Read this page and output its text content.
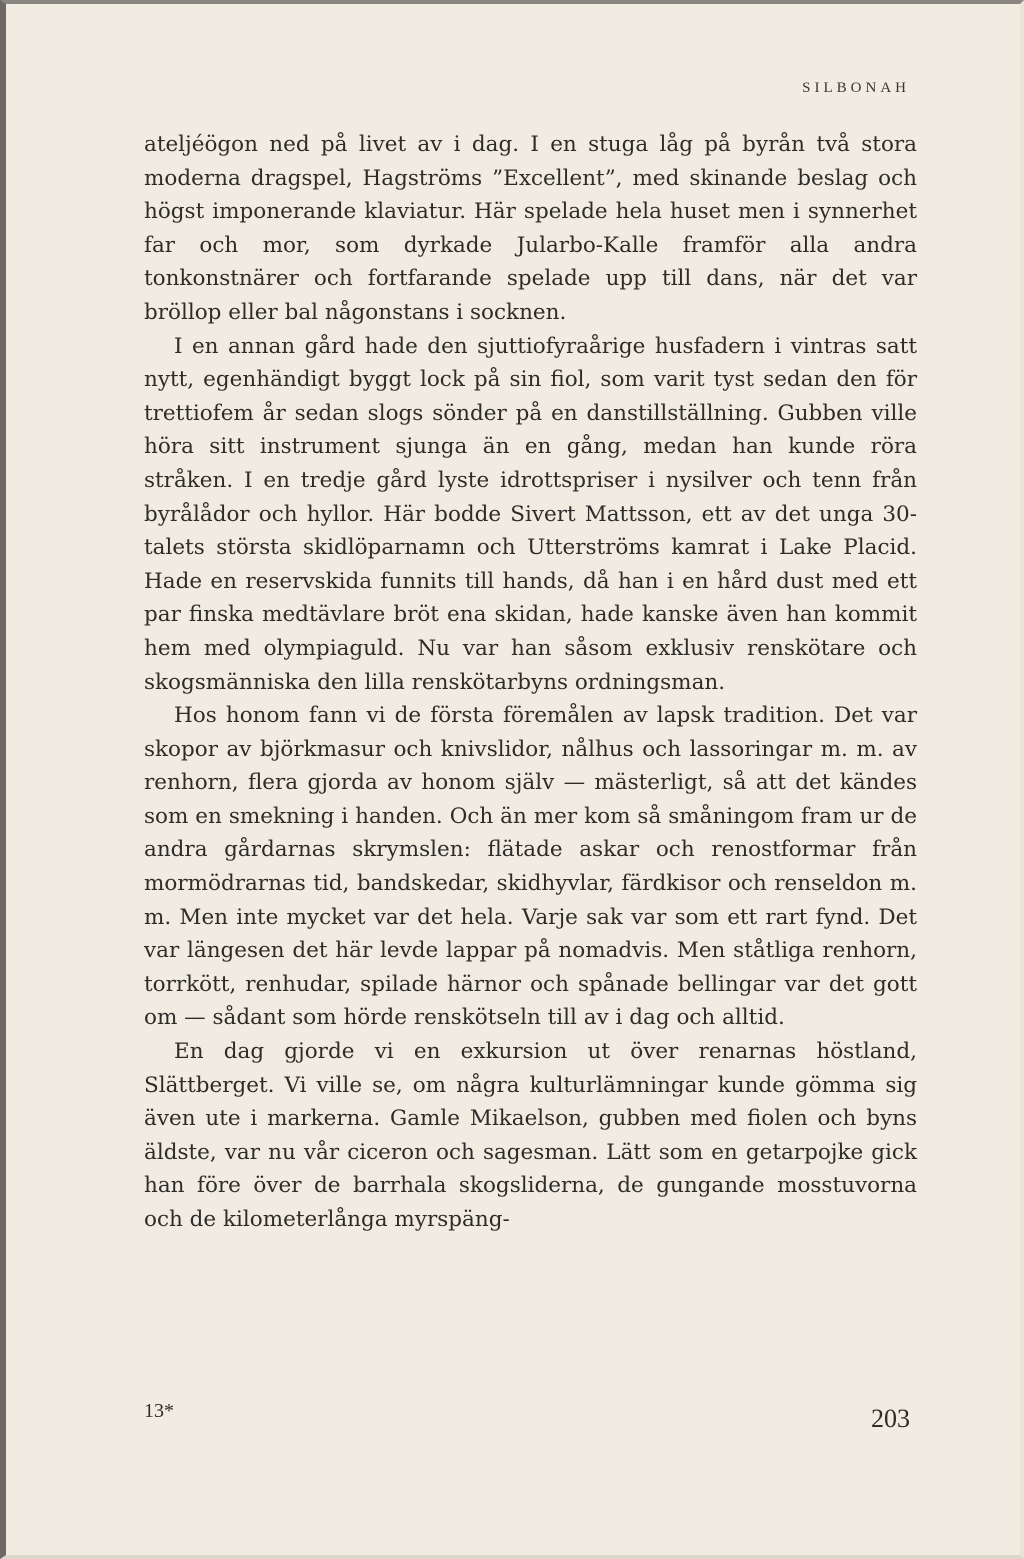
SILBONAH

ateljéögon ned på livet av i dag. I en stuga låg på byrån två stora moderna dragspel, Hagströms ”Excellent”, med skinande beslag och högst imponerande klaviatur. Här spelade hela huset men i synnerhet far och mor, som dyrkade Jularbo-Kalle framför alla andra tonkonstnärer och fortfarande spelade upp till dans, när det var bröllop eller bal någonstans i socknen.

I en annan gård hade den sjuttiofyraårige husfadern i vintras satt nytt, egenhändigt byggt lock på sin fiol, som varit tyst sedan den för trettiofem år sedan slogs sönder på en danstillställning. Gubben ville höra sitt instrument sjunga än en gång, medan han kunde röra stråken. I en tredje gård lyste idrottspriser i nysilver och tenn från byrålådor och hyllor. Här bodde Sivert Mattsson, ett av det unga 30-talets största skidlöparnamn och Utterströms kamrat i Lake Placid. Hade en reservskida funnits till hands, då han i en hård dust med ett par finska medtävlare bröt ena skidan, hade kanske även han kommit hem med olympiaguld. Nu var han såsom exklusiv renskötare och skogsmänniska den lilla renskötarbyns ordningsman.

Hos honom fann vi de första föremålen av lapsk tradition. Det var skopor av björkmasur och knivslidor, nålhus och lassoringar m. m. av renhorn, flera gjorda av honom själv — mästerligt, så att det kändes som en smekning i handen. Och än mer kom så småningom fram ur de andra gårdarnas skrymslen: flätade askar och renostformar från mormödrarnas tid, bandskedar, skidhyvlar, färdkisor och renseldon m. m. Men inte mycket var det hela. Varje sak var som ett rart fynd. Det var längesen det här levde lappar på nomadvis. Men ståtliga renhorn, torrkött, renhudar, spilade härnor och spånade bellingar var det gott om — sådant som hörde renskötseln till av i dag och alltid.

En dag gjorde vi en exkursion ut över renarnas höstland, Slättberget. Vi ville se, om några kulturlämningar kunde gömma sig även ute i markerna. Gamle Mikaelson, gubben med fiolen och byns äldste, var nu vår ciceron och sagesman. Lätt som en getarpojke gick han före över de barrhala skogsliderna, de gungande mosstuvorna och de kilometerlånga myrspäng-

13*	203
